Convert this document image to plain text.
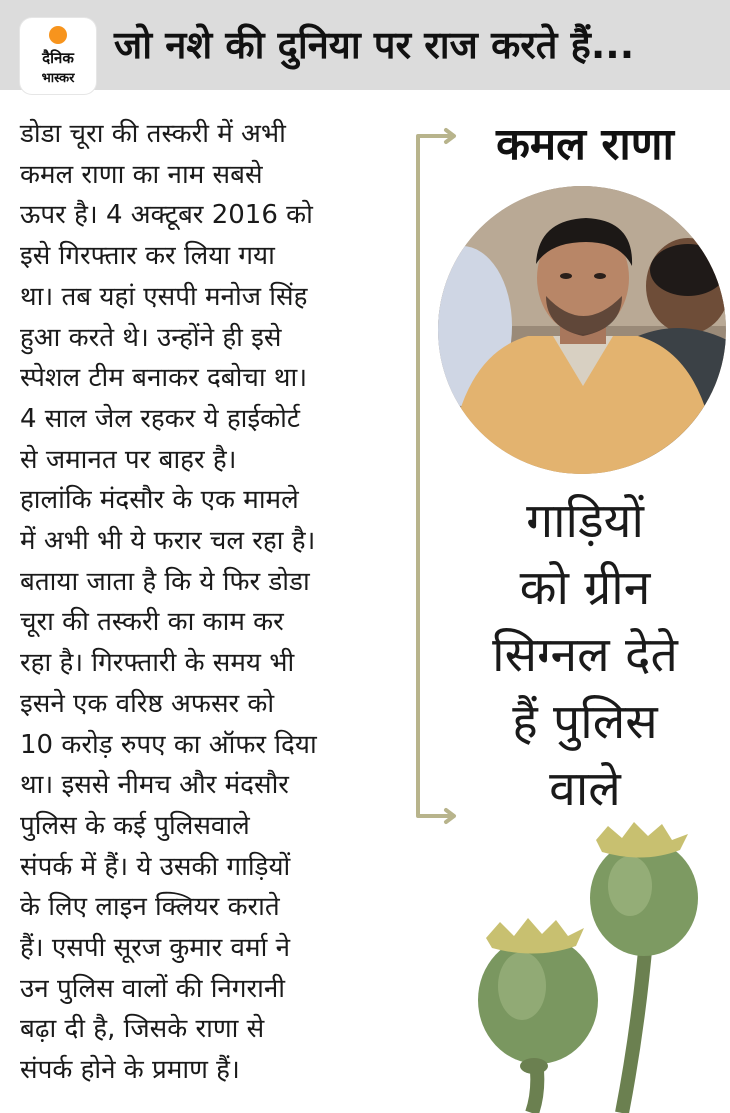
दैनिक
भास्कर
जो नशे की दुनिया पर राज करते हैं...
डोडा चूरा की तस्करी में अभी
कमल राणा का नाम सबसे
ऊपर है। 4 अक्टूबर 2016 को
इसे गिरफ्तार कर लिया गया
था। तब यहां एसपी मनोज सिंह
हुआ करते थे। उन्होंने ही इसे
स्पेशल टीम बनाकर दबोचा था।
4 साल जेल रहकर ये हाईकोर्ट
से जमानत पर बाहर है।
हालांकि मंदसौर के एक मामले
में अभी भी ये फरार चल रहा है।
बताया जाता है कि ये फिर डोडा
चूरा की तस्करी का काम कर
रहा है। गिरफ्तारी के समय भी
इसने एक वरिष्ठ अफसर को
10 करोड़ रुपए का ऑफर दिया
था। इससे नीमच और मंदसौर
पुलिस के कई पुलिसवाले
संपर्क में हैं। ये उसकी गाड़ियों
के लिए लाइन क्लियर कराते
हैं। एसपी सूरज कुमार वर्मा ने
उन पुलिस वालों की निगरानी
बढ़ा दी है, जिसके राणा से
संपर्क होने के प्रमाण हैं।
कमल राणा
गाड़ियों
को ग्रीन
सिग्नल देते
हैं पुलिस
वाले
